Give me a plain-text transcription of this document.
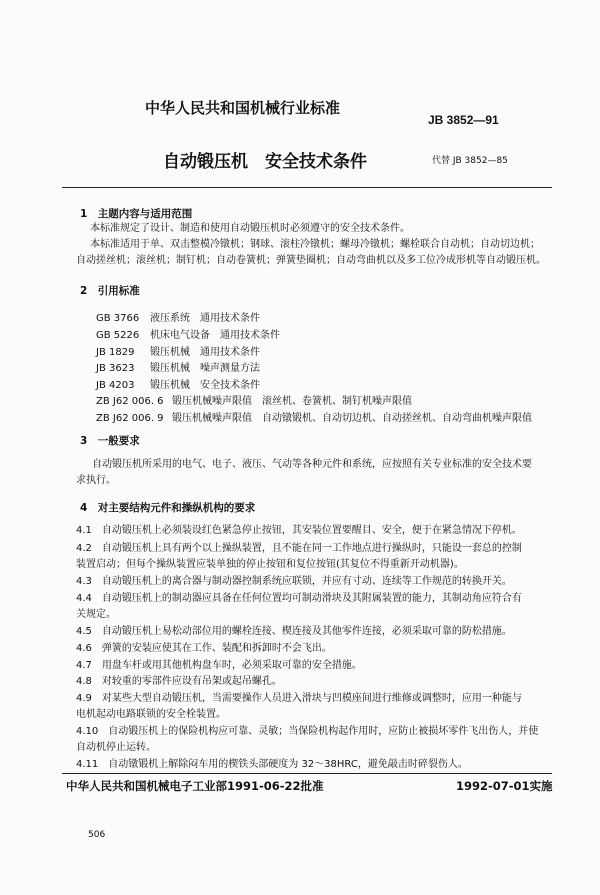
中华人民共和国机械行业标准
JB 3852—91
自动锻压机　安全技术条件	代替 JB 3852—85
1　主题内容与适用范围
本标准规定了设计、制造和使用自动锻压机时必须遵守的安全技术条件。
本标准适用于单、双击整模冷镦机；钢球、滚柱冷镦机；螺母冷镦机；螺栓联合自动机；自动切边机；
自动搓丝机；滚丝机；制钉机；自动卷簧机；弹簧垫圈机；自动弯曲机以及多工位冷成形机等自动锻压机。
2　引用标准
GB 3766 液压系统　通用技术条件
GB 5226 机床电气设备　通用技术条件
JB 1829 锻压机械　通用技术条件
JB 3623 锻压机械　噪声测量方法
JB 4203 锻压机械　安全技术条件
ZB J62 006. 6 锻压机械噪声限值　滚丝机、卷簧机、制钉机噪声限值
ZB J62 006. 9 锻压机械噪声限值　自动镦锻机、自动切边机、自动搓丝机、自动弯曲机噪声限值
3　一般要求
自动锻压机所采用的电气、电子、液压、气动等各种元件和系统，应按照有关专业标准的安全技术要
求执行。
4　对主要结构元件和操纵机构的要求
4.1　 自动锻压机上必须装设红色紧急停止按钮，其安装位置要醒目、安全，便于在紧急情况下停机。
4.2　 自动锻压机上具有两个以上操纵装置，且不能在同一工作地点进行操纵时，只能设一套总的控制
装置启动；但每个操纵装置应装单独的停止按钮和复位按钮(其复位不得重新开动机器)。
4.3　 自动锻压机上的离合器与制动器控制系统应联锁，并应有寸动、连续等工作规范的转换开关。
4.4　 自动锻压机上的制动器应具备在任何位置均可制动滑块及其附属装置的能力，其制动角应符合有
关规定。
4.5　 自动锻压机上易松动部位用的螺栓连接、楔连接及其他零件连接，必须采取可靠的防松措施。
4.6　 弹簧的安装应使其在工作、装配和拆卸时不会飞出。
4.7　 用盘车杆或用其他机构盘车时，必须采取可靠的安全措施。
4.8　 对较重的零部件应设有吊架或起吊螺孔。
4.9　 对某些大型自动锻压机，当需要操作人员进入滑块与凹模座间进行维修或调整时，应用一种能与
电机起动电路联锁的安全栓装置。
4.10　 自动锻压机上的保险机构应可靠、灵敏；当保险机构起作用时，应防止被损坏零件飞出伤人，并使
自动机停止运转。
4.11　 自动镦锻机上解除闷车用的楔铁头部硬度为 32～38HRC，避免敲击时碎裂伤人。
中华人民共和国机械电子工业部1991-06-22批准	1992-07-01实施
506
